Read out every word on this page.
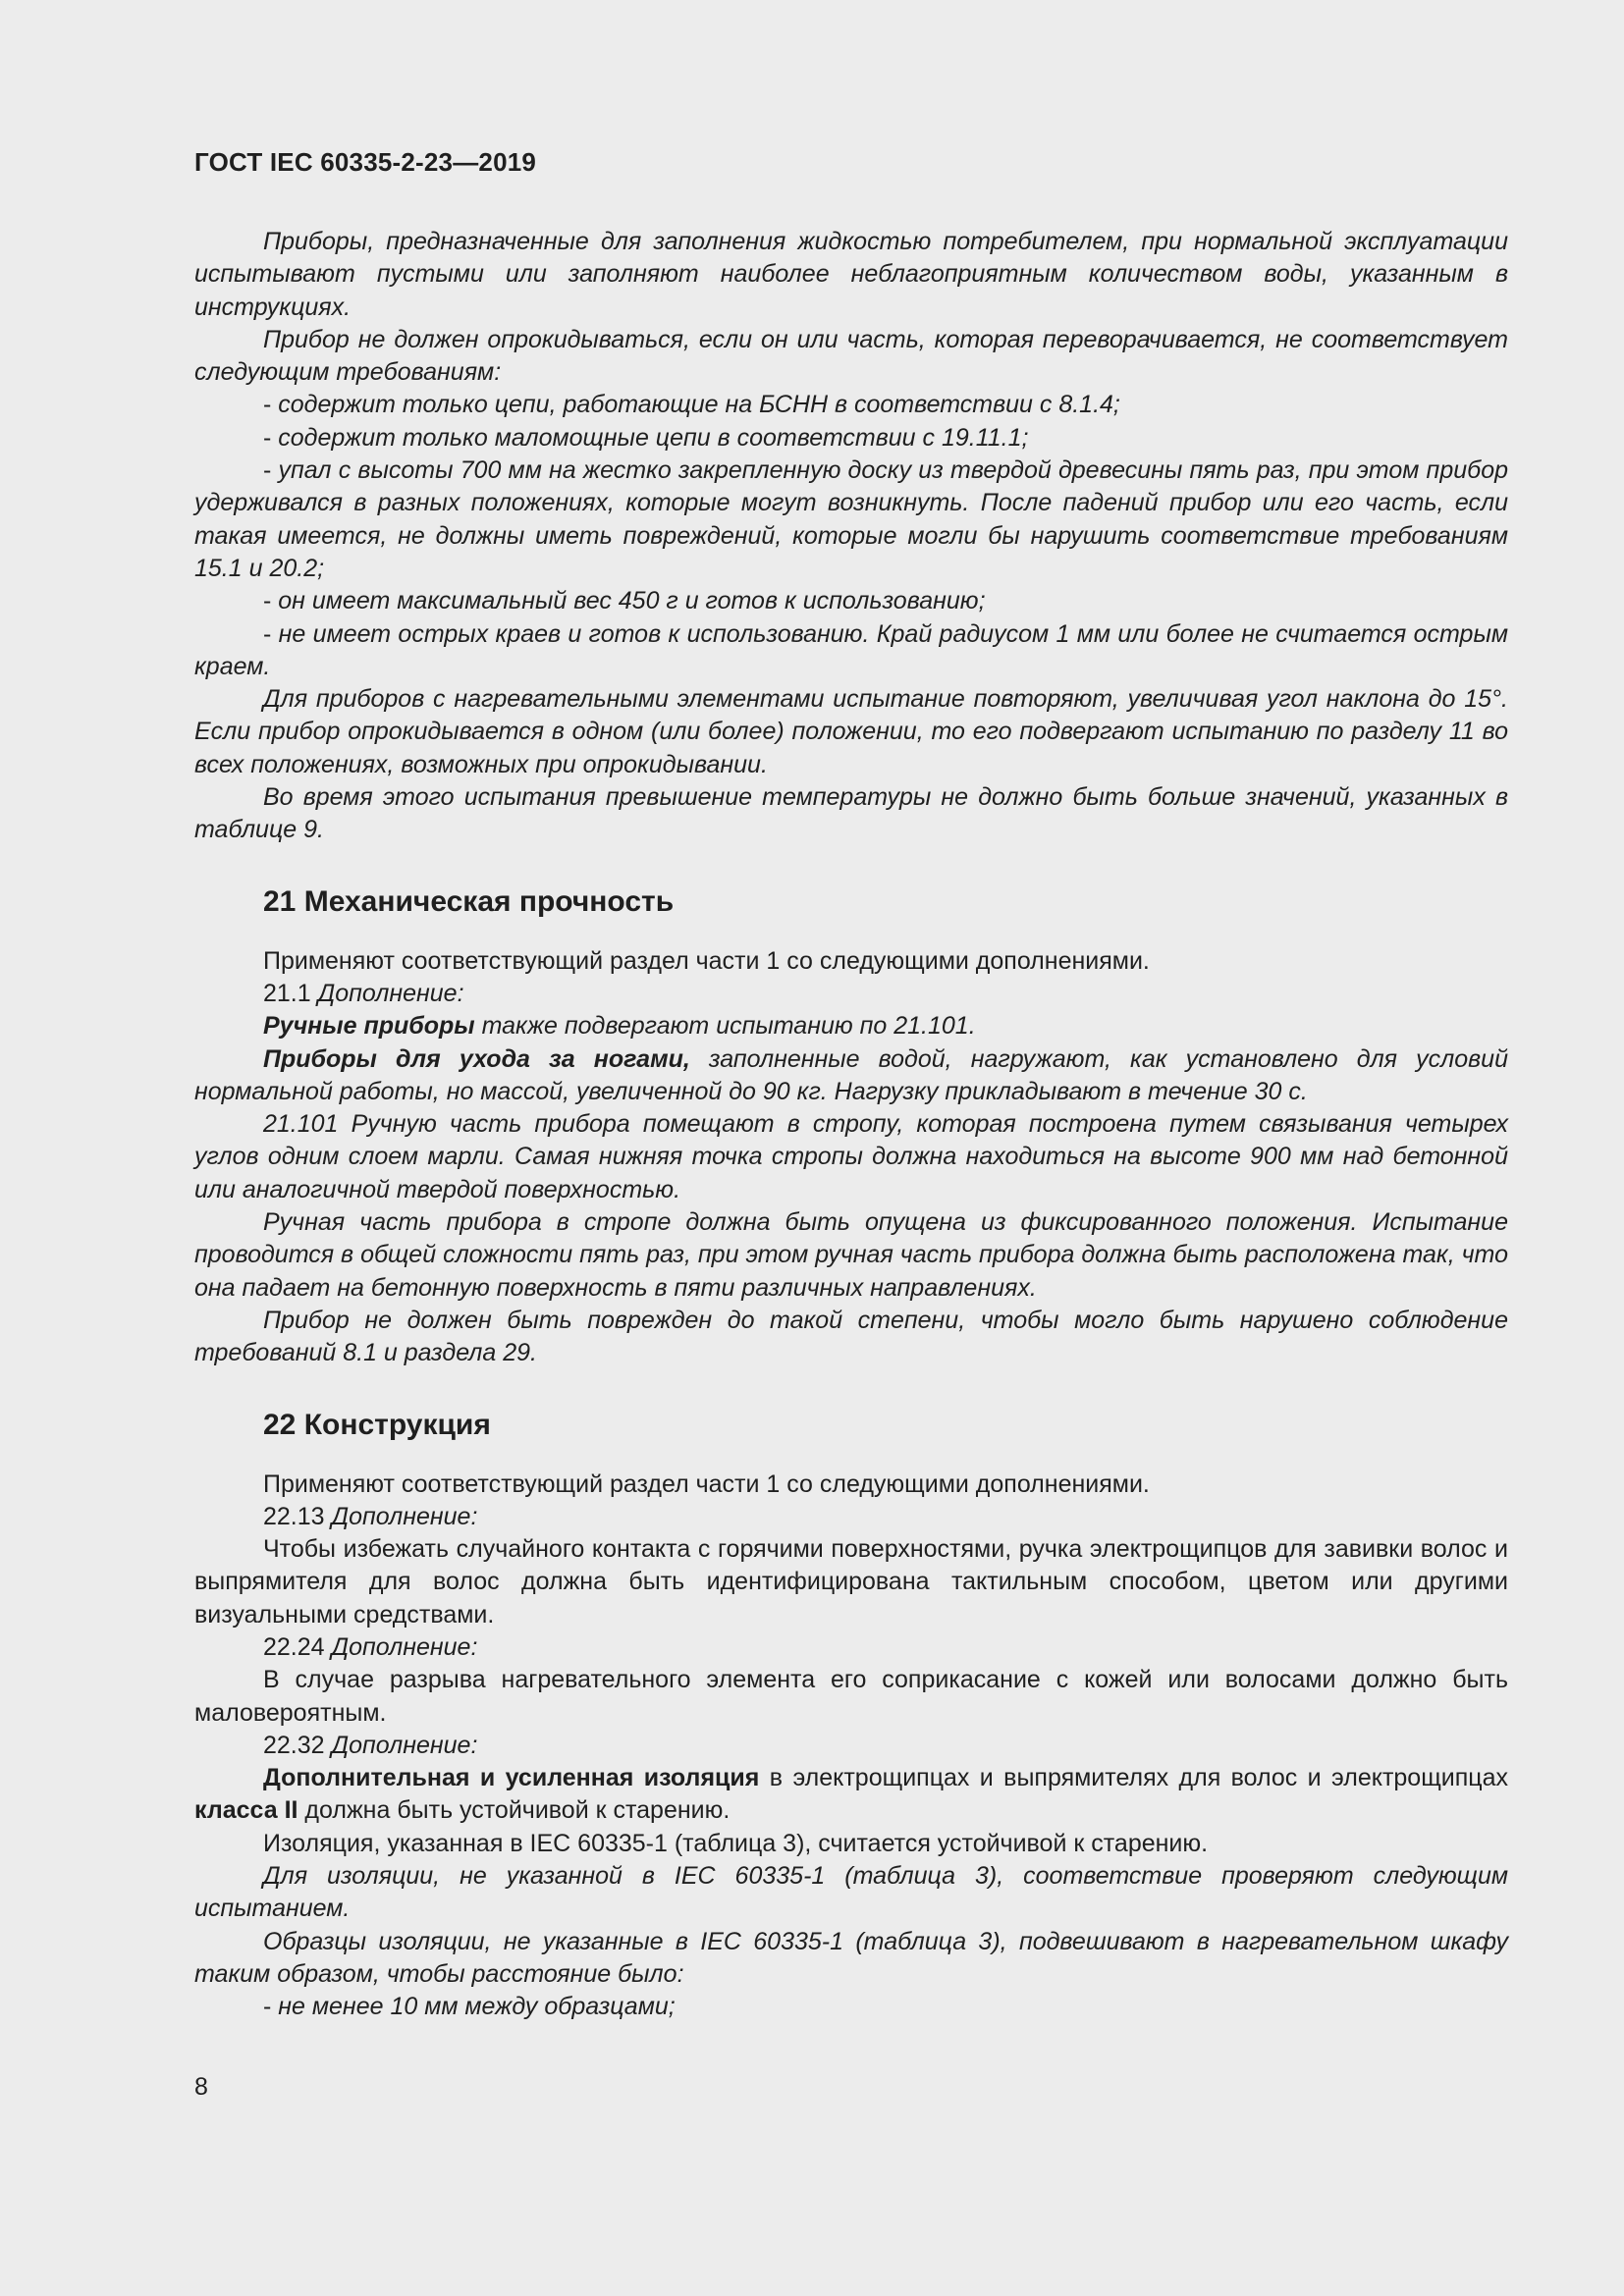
ГОСТ IEC 60335-2-23—2019

Приборы, предназначенные для заполнения жидкостью потребителем, при нормальной эксплуатации испытывают пустыми или заполняют наиболее неблагоприятным количеством воды, указанным в инструкциях.

Прибор не должен опрокидываться, если он или часть, которая переворачивается, не соответствует следующим требованиям:

- содержит только цепи, работающие на БСНН в соответствии с 8.1.4;

- содержит только маломощные цепи в соответствии с 19.11.1;

- упал с высоты 700 мм на жестко закрепленную доску из твердой древесины пять раз, при этом прибор удерживался в разных положениях, которые могут возникнуть. После падений прибор или его часть, если такая имеется, не должны иметь повреждений, которые могли бы нарушить соответствие требованиям 15.1 и 20.2;

- он имеет максимальный вес 450 г и готов к использованию;

- не имеет острых краев и готов к использованию. Край радиусом 1 мм или более не считается острым краем.

Для приборов с нагревательными элементами испытание повторяют, увеличивая угол наклона до 15°. Если прибор опрокидывается в одном (или более) положении, то его подвергают испытанию по разделу 11 во всех положениях, возможных при опрокидывании.

Во время этого испытания превышение температуры не должно быть больше значений, указанных в таблице 9.

21 Механическая прочность

Применяют соответствующий раздел части 1 со следующими дополнениями.

21.1 Дополнение:

Ручные приборы также подвергают испытанию по 21.101.

Приборы для ухода за ногами, заполненные водой, нагружают, как установлено для условий нормальной работы, но массой, увеличенной до 90 кг. Нагрузку прикладывают в течение 30 с.

21.101 Ручную часть прибора помещают в стропу, которая построена путем связывания четырех углов одним слоем марли. Самая нижняя точка стропы должна находиться на высоте 900 мм над бетонной или аналогичной твердой поверхностью.

Ручная часть прибора в стропе должна быть опущена из фиксированного положения. Испытание проводится в общей сложности пять раз, при этом ручная часть прибора должна быть расположена так, что она падает на бетонную поверхность в пяти различных направлениях.

Прибор не должен быть поврежден до такой степени, чтобы могло быть нарушено соблюдение требований 8.1 и раздела 29.

22 Конструкция

Применяют соответствующий раздел части 1 со следующими дополнениями.

22.13 Дополнение:

Чтобы избежать случайного контакта с горячими поверхностями, ручка электрощипцов для завивки волос и выпрямителя для волос должна быть идентифицирована тактильным способом, цветом или другими визуальными средствами.

22.24 Дополнение:

В случае разрыва нагревательного элемента его соприкасание с кожей или волосами должно быть маловероятным.

22.32 Дополнение:

Дополнительная и усиленная изоляция в электрощипцах и выпрямителях для волос и электрощипцах класса II должна быть устойчивой к старению.

Изоляция, указанная в IEC 60335-1 (таблица 3), считается устойчивой к старению.

Для изоляции, не указанной в IEC 60335-1 (таблица 3), соответствие проверяют следующим испытанием.

Образцы изоляции, не указанные в IEC 60335-1 (таблица 3), подвешивают в нагревательном шкафу таким образом, чтобы расстояние было:

- не менее 10 мм между образцами;

8
